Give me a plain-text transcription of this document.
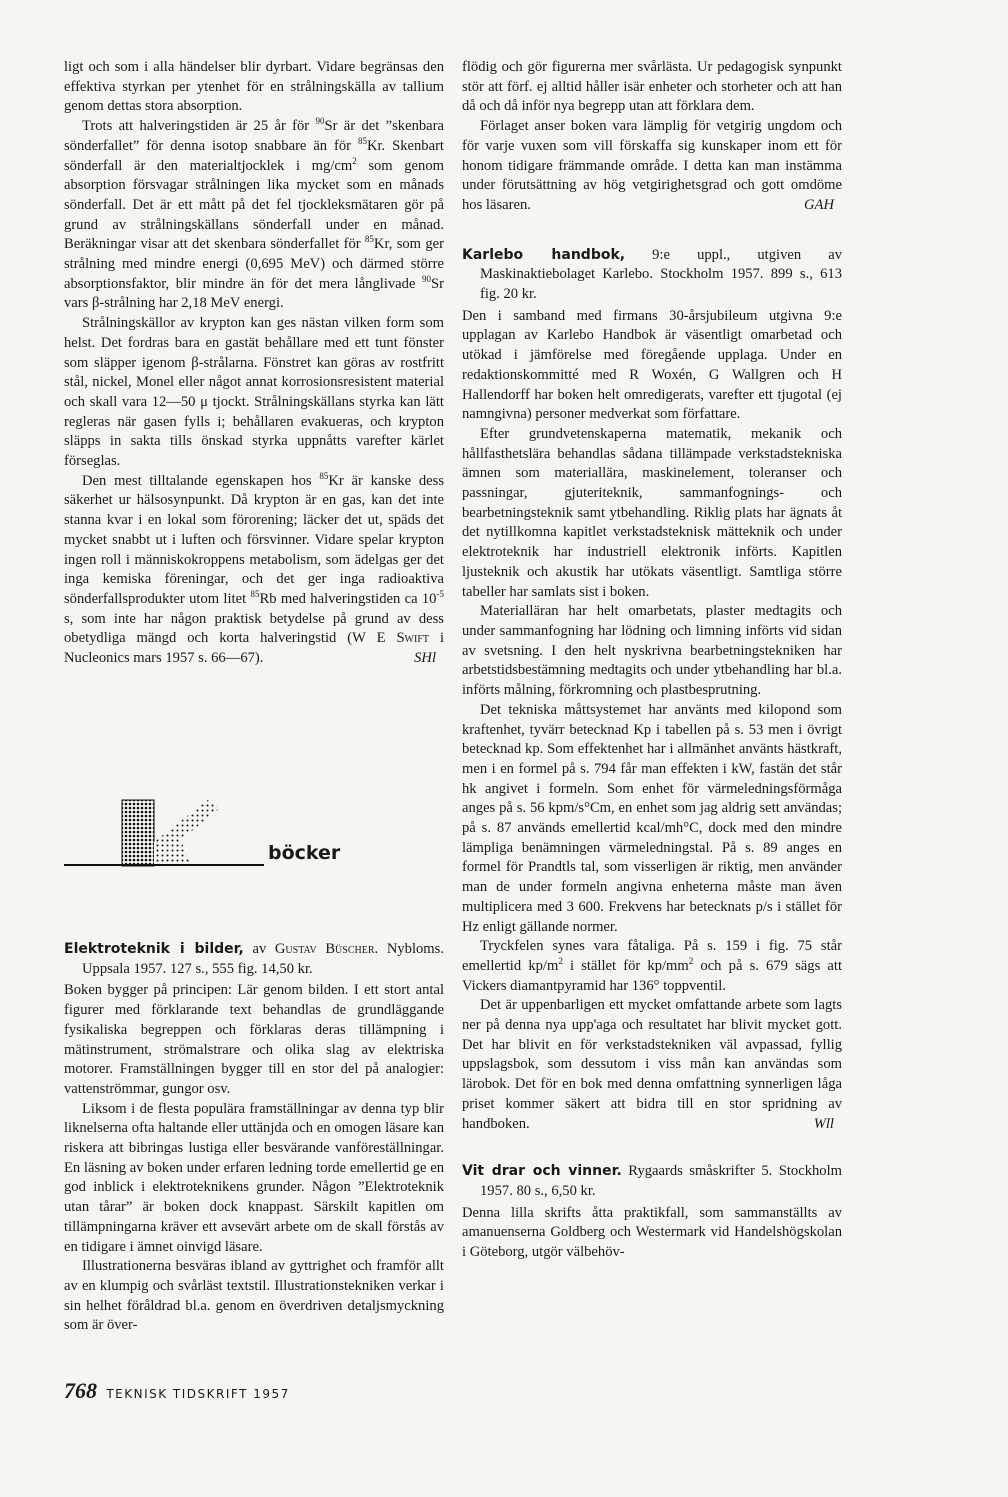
ligt och som i alla händelser blir dyrbart. Vidare begränsas den effektiva styrkan per ytenhet för en strålningskälla av tallium genom dettas stora absorption.

Trots att halveringstiden är 25 år för $^{90}$Sr är det ”skenbara sönderfallet” för denna isotop snabbare än för $^{85}$Kr. Skenbart sönderfall är den materialtjocklek i $mg/cm^2$ som genom absorption försvagar strålningen lika mycket som en månads sönderfall. Det är ett mått på det fel tjockleksmätaren gör på grund av strålningskällans sönderfall under en månad. Beräkningar visar att det skenbara sönderfallet för $^{85}$Kr, som ger strålning med mindre energi (0,695 MeV) och därmed större absorptionsfaktor, blir mindre än för det mera långlivade $^{90}$Sr vars β-strålning har 2,18 MeV energi.

Strålningskällor av krypton kan ges nästan vilken form som helst. Det fordras bara en gastät behållare med ett tunt fönster som släpper igenom β-strålarna. Fönstret kan göras av rostfritt stål, nickel, Monel eller något annat korrosionsresistent material och skall vara 12—50 μ tjockt. Strålningskällans styrka kan lätt regleras när gasen fylls i; behållaren evakueras, och krypton släpps in sakta tills önskad styrka uppnåtts varefter kärlet förseglas.

Den mest tilltalande egenskapen hos $^{85}$Kr är kanske dess säkerhet ur hälsosynpunkt. Då krypton är en gas, kan det inte stanna kvar i en lokal som förorening; läcker det ut, späds det mycket snabbt ut i luften och försvinner. Vidare spelar krypton ingen roll i människokroppens metabolism, som ädelgas ger det inga kemiska föreningar, och det ger inga radioaktiva sönderfallsprodukter utom litet $^{85}$Rb med halveringstiden ca $10^{-5}$ s, som inte har någon praktisk betydelse på grund av dess obetydliga mängd och korta halveringstid (W E Swift i Nucleonics mars 1957 s. 66—67).	SHl

böcker

Elektroteknik i bilder, av Gustav Büscher. Nybloms. Uppsala 1957. 127 s., 555 fig. 14,50 kr.

Boken bygger på principen: Lär genom bilden. I ett stort antal figurer med förklarande text behandlas de grundläggande fysikaliska begreppen och förklaras deras tillämpning i mätinstrument, strömalstrare och olika slag av elektriska motorer. Framställningen bygger till en stor del på analogier: vattenströmmar, gungor osv.

Liksom i de flesta populära framställningar av denna typ blir liknelserna ofta haltande eller uttänjda och en omogen läsare kan riskera att bibringas lustiga eller besvärande vanföreställningar. En läsning av boken under erfaren ledning torde emellertid ge en god inblick i elektroteknikens grunder. Någon ”Elektroteknik utan tårar” är boken dock knappast. Särskilt kapitlen om tillämpningarna kräver ett avsevärt arbete om de skall förstås av en tidigare i ämnet oinvigd läsare.

Illustrationerna besväras ibland av gyttrighet och framför allt av en klumpig och svårläst textstil. Illustrationstekniken verkar i sin helhet föråldrad bl.a. genom en överdriven detaljsmyckning som är över-

flödig och gör figurerna mer svårlästa. Ur pedagogisk synpunkt stör att förf. ej alltid håller isär enheter och storheter och att han då och då inför nya begrepp utan att förklara dem.

Förlaget anser boken vara lämplig för vetgirig ungdom och för varje vuxen som vill förskaffa sig kunskaper inom ett för honom tidigare främmande område. I detta kan man instämma under förutsättning av hög vetgirighetsgrad och gott omdöme hos läsaren.	GAH

Karlebo handbok, 9:e uppl., utgiven av Maskinaktiebolaget Karlebo. Stockholm 1957. 899 s., 613 fig. 20 kr.

Den i samband med firmans 30-årsjubileum utgivna 9:e upplagan av Karlebo Handbok är väsentligt omarbetad och utökad i jämförelse med föregående upplaga. Under en redaktionskommitté med R Woxén, G Wallgren och H Hallendorff har boken helt omredigerats, varefter ett tjugotal (ej namngivna) personer medverkat som författare.

Efter grundvetenskaperna matematik, mekanik och hållfasthetslära behandlas sådana tillämpade verkstadstekniska ämnen som materiallära, maskinelement, toleranser och passningar, gjuteriteknik, sammanfognings- och bearbetningsteknik samt ytbehandling. Riklig plats har ägnats åt det nytillkomna kapitlet verkstadsteknisk mätteknik och under elektroteknik har industriell elektronik införts. Kapitlen ljusteknik och akustik har utökats väsentligt. Samtliga större tabeller har samlats sist i boken.

Materialläran har helt omarbetats, plaster medtagits och under sammanfogning har lödning och limning införts vid sidan av svetsning. I den helt nyskrivna bearbetningstekniken har arbetstidsbestämning medtagits och under ytbehandling har bl.a. införts målning, förkromning och plastbesprutning.

Det tekniska måttsystemet har använts med kilopond som kraftenhet, tyvärr betecknad Kp i tabellen på s. 53 men i övrigt betecknad kp. Som effektenhet har i allmänhet använts hästkraft, men i en formel på s. 794 får man effekten i kW, fastän det står hk angivet i formeln. Som enhet för värmeledningsförmåga anges på s. 56 kpm/s°Cm, en enhet som jag aldrig sett användas; på s. 87 används emellertid kcal/mh°C, dock med den mindre lämpliga benämningen värmeledningstal. På s. 89 anges en formel för Prandtls tal, som visserligen är riktig, men använder man de under formeln angivna enheterna måste man även multiplicera med 3 600. Frekvens har betecknats p/s i stället för Hz enligt gällande normer.

Tryckfelen synes vara fåtaliga. På s. 159 i fig. 75 står emellertid $kp/m^2$ i stället för $kp/mm^2$ och på s. 679 sägs att Vickers diamantpyramid har 136° toppventil.

Det är uppenbarligen ett mycket omfattande arbete som lagts ner på denna nya upp'aga och resultatet har blivit mycket gott. Det har blivit en för verkstadstekniken väl avpassad, fyllig uppslagsbok, som dessutom i viss mån kan användas som lärobok. Det för en bok med denna omfattning synnerligen låga priset kommer säkert att bidra till en stor spridning av handboken.	Wll

Vit drar och vinner. Rygaards småskrifter 5. Stockholm 1957. 80 s., 6,50 kr.

Denna lilla skrifts åtta praktikfall, som sammanställts av amanuenserna Goldberg och Westermark vid Handelshögskolan i Göteborg, utgör välbehöv-

768 TEKNISK TIDSKRIFT 1957
